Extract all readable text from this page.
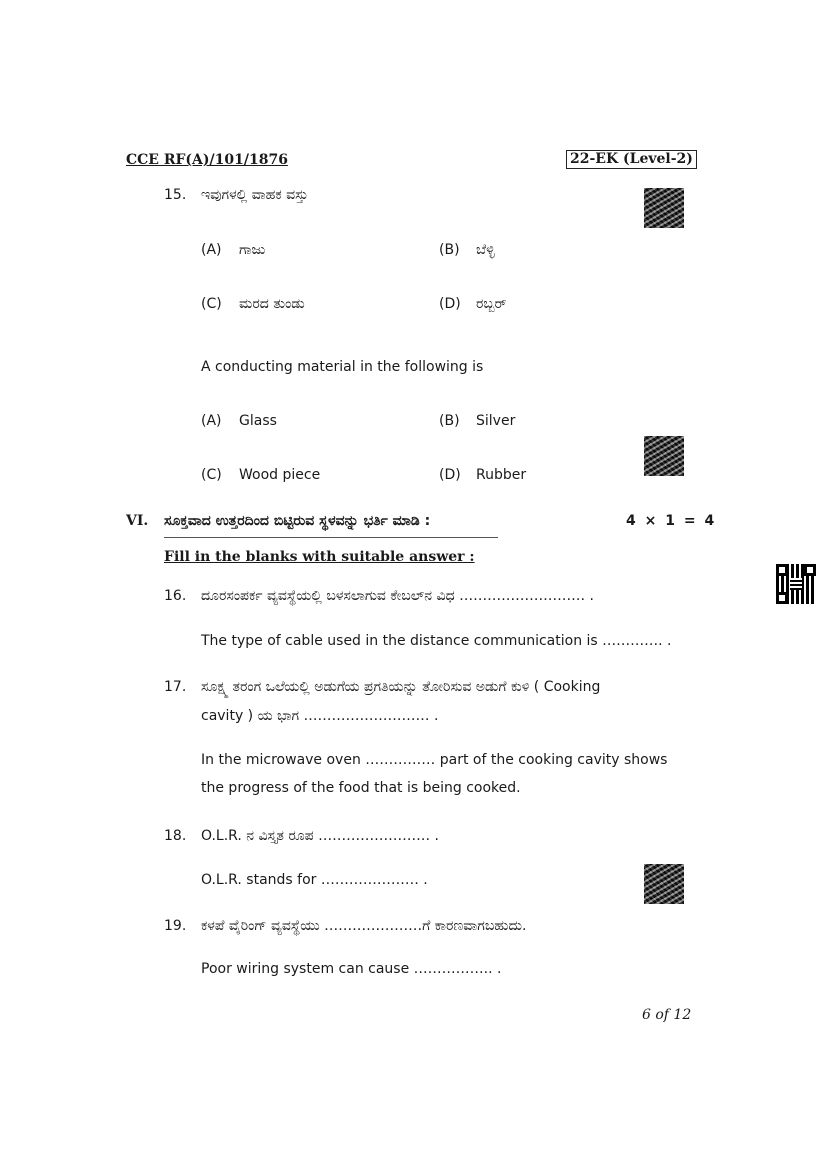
CCE RF(A)/101/1876	22-EK (Level-2)
15. ಇವುಗಳಲ್ಲಿ ವಾಹಕ ವಸ್ತು
(A) ಗಾಜು	(B) ಬೆಳ್ಳಿ
(C) ಮರದ ತುಂಡು	(D) ರಬ್ಬರ್
A conducting material in the following is
(A) Glass	(B) Silver
(C) Wood piece	(D) Rubber
VI. ಸೂಕ್ತವಾದ ಉತ್ತರದಿಂದ ಬಿಟ್ಟಿರುವ ಸ್ಥಳವನ್ನು ಭರ್ತಿ ಮಾಡಿ :	4 × 1 = 4
Fill in the blanks with suitable answer :
16. ದೂರಸಂಪರ್ಕ ವ್ಯವಸ್ಥೆಯಲ್ಲಿ ಬಳಸಲಾಗುವ ಕೇಬಲ್‌ನ ವಿಧ ……………………… .
The type of cable used in the distance communication is …………. .
17. ಸೂಕ್ಷ್ಮ ತರಂಗ ಒಲೆಯಲ್ಲಿ ಅಡುಗೆಯ ಪ್ರಗತಿಯನ್ನು ತೋರಿಸುವ ಅಡುಗೆ ಕುಳಿ ( Cooking
cavity ) ಯ ಭಾಗ ……………………… .
In the microwave oven …………… part of the cooking cavity shows
the progress of the food that is being cooked.
18. O.L.R. ನ ವಿಸ್ತೃತ ರೂಪ …………………… .
O.L.R. stands for ………………… .
19. ಕಳಪೆ ವೈರಿಂಗ್ ವ್ಯವಸ್ಥೆಯು …………………ಗೆ ಕಾರಣವಾಗಬಹುದು.
Poor wiring system can cause …………….. .
6 of 12
